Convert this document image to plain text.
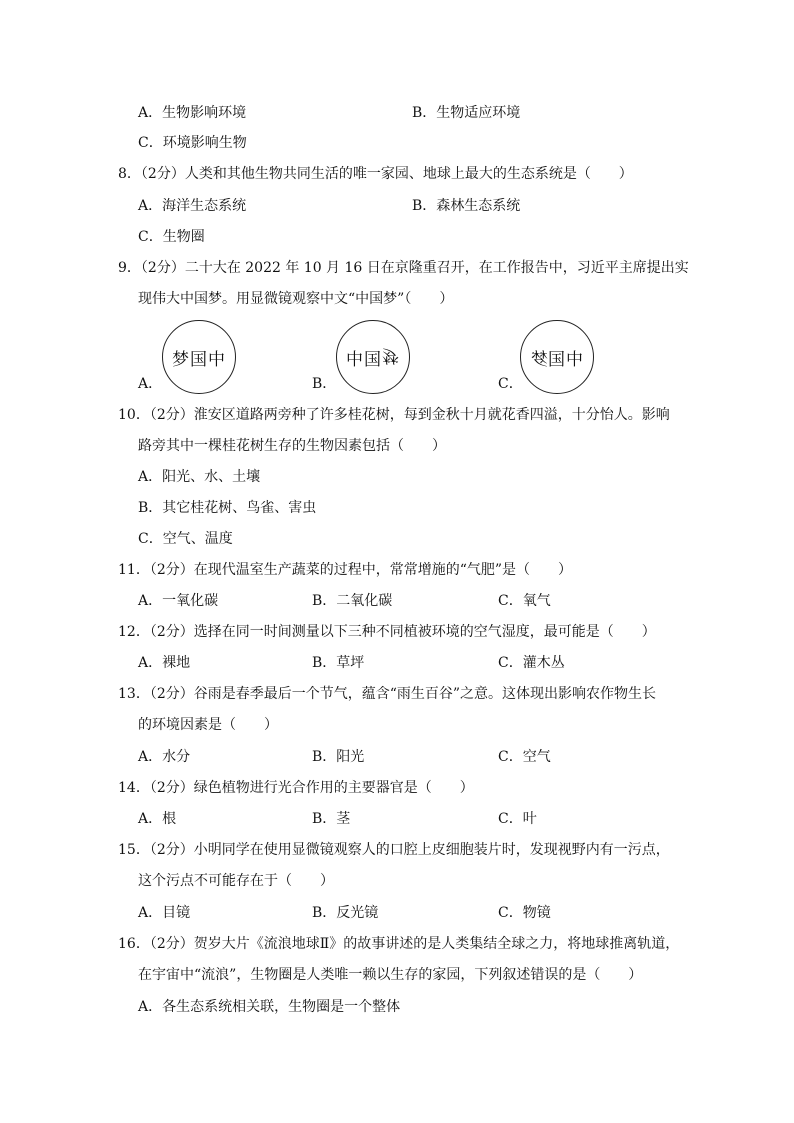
A．生物影响环境	B．生物适应环境
C．环境影响生物
8．（2分）人类和其他生物共同生活的唯一家园、地球上最大的生态系统是（　　）
A．海洋生态系统	B．森林生态系统
C．生物圈
9．（2分）二十大在 2022 年 10 月 16 日在京隆重召开，在工作报告中，习近平主席提出实
现伟大中国梦。用显微镜观察中文“中国梦”（　　）
梦国中	中国 梦	梦 国中
A．	B．	C．
10．（2分）淮安区道路两旁种了许多桂花树，每到金秋十月就花香四溢，十分怡人。影响
路旁其中一棵桂花树生存的生物因素包括（　　）
A．阳光、水、土壤
B．其它桂花树、鸟雀、害虫
C．空气、温度
11．（2分）在现代温室生产蔬菜的过程中，常常增施的“气肥”是（　　）
A．一氧化碳	B．二氧化碳	C．氧气
12．（2分）选择在同一时间测量以下三种不同植被环境的空气湿度，最可能是（　　）
A．裸地	B．草坪	C．灌木丛
13．（2分）谷雨是春季最后一个节气，蕴含“雨生百谷”之意。这体现出影响农作物生长
的环境因素是（　　）
A．水分	B．阳光	C．空气
14．（2分）绿色植物进行光合作用的主要器官是（　　）
A．根	B．茎	C．叶
15．（2分）小明同学在使用显微镜观察人的口腔上皮细胞装片时，发现视野内有一污点，
这个污点不可能存在于（　　）
A．目镜	B．反光镜	C．物镜
16．（2分）贺岁大片《流浪地球Ⅱ》的故事讲述的是人类集结全球之力，将地球推离轨道，
在宇宙中“流浪”，生物圈是人类唯一赖以生存的家园，下列叙述错误的是（　　）
A．各生态系统相关联，生物圈是一个整体
